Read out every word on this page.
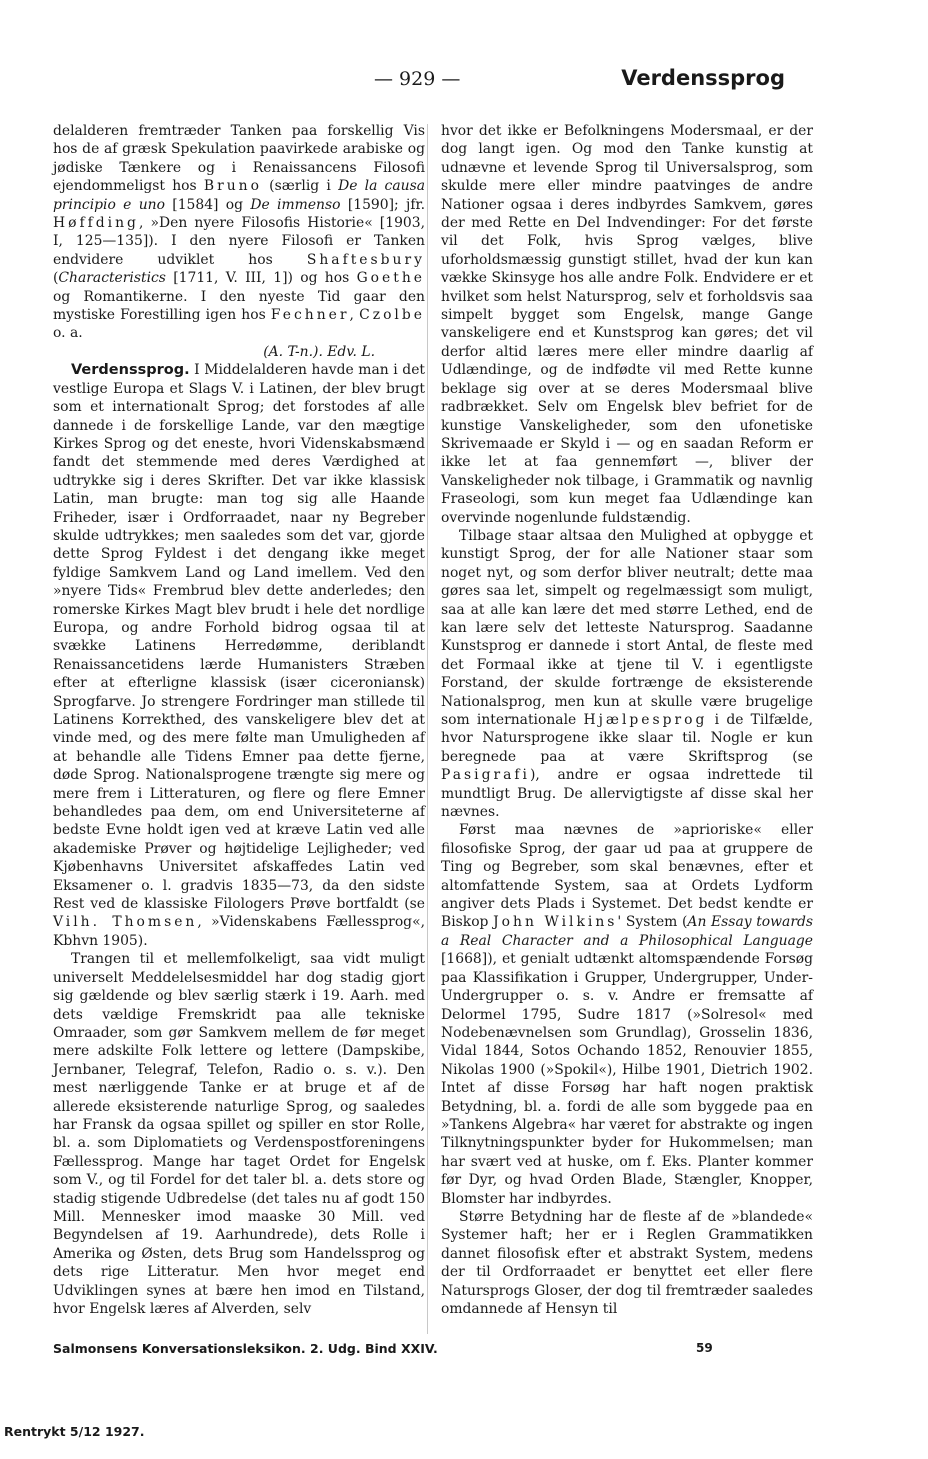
— 929 —	Verdenssprog

delalderen fremtræder Tanken paa forskellig Vis hos de af græsk Spekulation paavirkede arabiske og jødiske Tænkere og i Renaissancens Filosofi ejendommeligst hos Bruno (særlig i De la causa principio e uno [1584] og De immenso [1590]; jfr. Høffding, »Den nyere Filosofis Historie« [1903, I, 125—135]). I den nyere Filosofi er Tanken endvidere udviklet hos Shaftesbury (Characteristics [1711, V. III, 1]) og hos Goethe og Romantikerne. I den nyeste Tid gaar den mystiske Forestilling igen hos Fechner, Czolbe o. a.

(A. T-n.). Edv. L.

Verdenssprog. I Middelalderen havde man i det vestlige Europa et Slags V. i Latinen, der blev brugt som et internationalt Sprog; det forstodes af alle dannede i de forskellige Lande, var den mægtige Kirkes Sprog og det eneste, hvori Videnskabsmænd fandt det stemmende med deres Værdighed at udtrykke sig i deres Skrifter. Det var ikke klassisk Latin, man brugte: man tog sig alle Haande Friheder, især i Ordforraadet, naar ny Begreber skulde udtrykkes; men saaledes som det var, gjorde dette Sprog Fyldest i det dengang ikke meget fyldige Samkvem Land og Land imellem. Ved den »nyere Tids« Frembrud blev dette anderledes; den romerske Kirkes Magt blev brudt i hele det nordlige Europa, og andre Forhold bidrog ogsaa til at svække Latinens Herredømme, deriblandt Renaissancetidens lærde Humanisters Stræben efter at efterligne klassisk (især ciceroniansk) Sprogfarve. Jo strengere Fordringer man stillede til Latinens Korrekthed, des vanskeligere blev det at vinde med, og des mere følte man Umuligheden af at behandle alle Tidens Emner paa dette fjerne, døde Sprog. Nationalsprogene trængte sig mere og mere frem i Litteraturen, og flere og flere Emner behandledes paa dem, om end Universiteterne af bedste Evne holdt igen ved at kræve Latin ved alle akademiske Prøver og højtidelige Lejligheder; ved Kjøbenhavns Universitet afskaffedes Latin ved Eksamener o. l. gradvis 1835—73, da den sidste Rest ved de klassiske Filologers Prøve bortfaldt (se Vilh. Thomsen, »Videnskabens Fællessprog«, Kbhvn 1905).

Trangen til et mellemfolkeligt, saa vidt muligt universelt Meddelelsesmiddel har dog stadig gjort sig gældende og blev særlig stærk i 19. Aarh. med dets vældige Fremskridt paa alle tekniske Omraader, som gør Samkvem mellem de før meget mere adskilte Folk lettere og lettere (Dampskibe, Jernbaner, Telegraf, Telefon, Radio o. s. v.). Den mest nærliggende Tanke er at bruge et af de allerede eksisterende naturlige Sprog, og saaledes har Fransk da ogsaa spillet og spiller en stor Rolle, bl. a. som Diplomatiets og Verdenspostforeningens Fællessprog. Mange har taget Ordet for Engelsk som V., og til Fordel for det taler bl. a. dets store og stadig stigende Udbredelse (det tales nu af godt 150 Mill. Mennesker imod maaske 30 Mill. ved Begyndelsen af 19. Aarhundrede), dets Rolle i Amerika og Østen, dets Brug som Handelssprog og dets rige Litteratur. Men hvor meget end Udviklingen synes at bære hen imod en Tilstand, hvor Engelsk læres af Alverden, selv

hvor det ikke er Befolkningens Modersmaal, er der dog langt igen. Og mod den Tanke kunstig at udnævne et levende Sprog til Universalsprog, som skulde mere eller mindre paatvinges de andre Nationer ogsaa i deres indbyrdes Samkvem, gøres der med Rette en Del Indvendinger: For det første vil det Folk, hvis Sprog vælges, blive uforholdsmæssig gunstigt stillet, hvad der kun kan vække Skinsyge hos alle andre Folk. Endvidere er et hvilket som helst Natursprog, selv et forholdsvis saa simpelt bygget som Engelsk, mange Gange vanskeligere end et Kunstsprog kan gøres; det vil derfor altid læres mere eller mindre daarlig af Udlændinge, og de indfødte vil med Rette kunne beklage sig over at se deres Modersmaal blive radbrækket. Selv om Engelsk blev befriet for de kunstige Vanskeligheder, som den ufonetiske Skrivemaade er Skyld i — og en saadan Reform er ikke let at faa gennemført —, bliver der Vanskeligheder nok tilbage, i Grammatik og navnlig Fraseologi, som kun meget faa Udlændinge kan overvinde nogenlunde fuldstændig.

Tilbage staar altsaa den Mulighed at opbygge et kunstigt Sprog, der for alle Nationer staar som noget nyt, og som derfor bliver neutralt; dette maa gøres saa let, simpelt og regelmæssigt som muligt, saa at alle kan lære det med større Lethed, end de kan lære selv det letteste Natursprog. Saadanne Kunstsprog er dannede i stort Antal, de fleste med det Formaal ikke at tjene til V. i egentligste Forstand, der skulde fortrænge de eksisterende Nationalsprog, men kun at skulle være brugelige som internationale Hjælpesprog i de Tilfælde, hvor Natursprogene ikke slaar til. Nogle er kun beregnede paa at være Skriftsprog (se Pasigrafi), andre er ogsaa indrettede til mundtligt Brug. De allervigtigste af disse skal her nævnes.

Først maa nævnes de »aprioriske« eller filosofiske Sprog, der gaar ud paa at gruppere de Ting og Begreber, som skal benævnes, efter et altomfattende System, saa at Ordets Lydform angiver dets Plads i Systemet. Det bedst kendte er Biskop John Wilkins' System (An Essay towards a Real Character and a Philosophical Language [1668]), et genialt udtænkt altomspændende Forsøg paa Klassifikation i Grupper, Undergrupper, Under-Undergrupper o. s. v. Andre er fremsatte af Delormel 1795, Sudre 1817 (»Solresol« med Nodebenævnelsen som Grundlag), Grosselin 1836, Vidal 1844, Sotos Ochando 1852, Renouvier 1855, Nikolas 1900 (»Spokil«), Hilbe 1901, Dietrich 1902. Intet af disse Forsøg har haft nogen praktisk Betydning, bl. a. fordi de alle som byggede paa en »Tankens Algebra« har været for abstrakte og ingen Tilknytningspunkter byder for Hukommelsen; man har svært ved at huske, om f. Eks. Planter kommer før Dyr, og hvad Orden Blade, Stængler, Knopper, Blomster har indbyrdes.

Større Betydning har de fleste af de »blandede« Systemer haft; her er i Reglen Grammatikken dannet filosofisk efter et abstrakt System, medens der til Ordforraadet er benyttet eet eller flere Natursprogs Gloser, der dog til fremtræder saaledes omdannede af Hensyn til

Salmonsens Konversationsleksikon. 2. Udg. Bind XXIV.	59
Rentrykt 5/12 1927.
